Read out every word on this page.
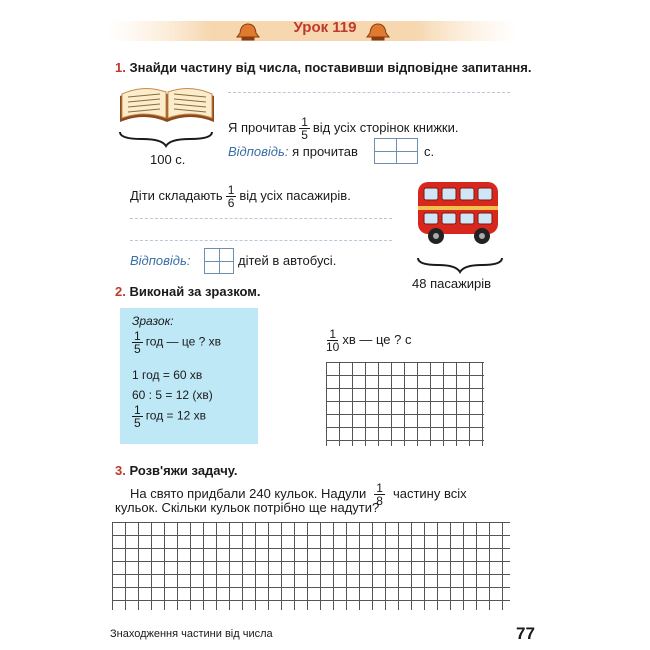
Урок 119
1. Знайди частину від числа, поставивши відповідне запитання.
100 с.
Я прочитав $\frac{1}{5}$ від усіх сторінок книжки.
Відповідь: я прочитав	с.
Діти складають $\frac{1}{6}$ від усіх пасажирів.
Відповідь:	дітей в автобусі.
48 пасажирів
2. Виконай за зразком.
Зразок:
$\frac{1}{5}$ год — це ? хв
1 год = 60 хв
60 : 5 = 12 (хв)
$\frac{1}{5}$ год = 12 хв
$\frac{1}{10}$ хв — це ? с
3. Розв'яжи задачу.
На свято придбали 240 кульок. Надули $\frac{1}{8}$ частину всіх
кульок. Скільки кульок потрібно ще надути?
Знаходження частини від числа	77
